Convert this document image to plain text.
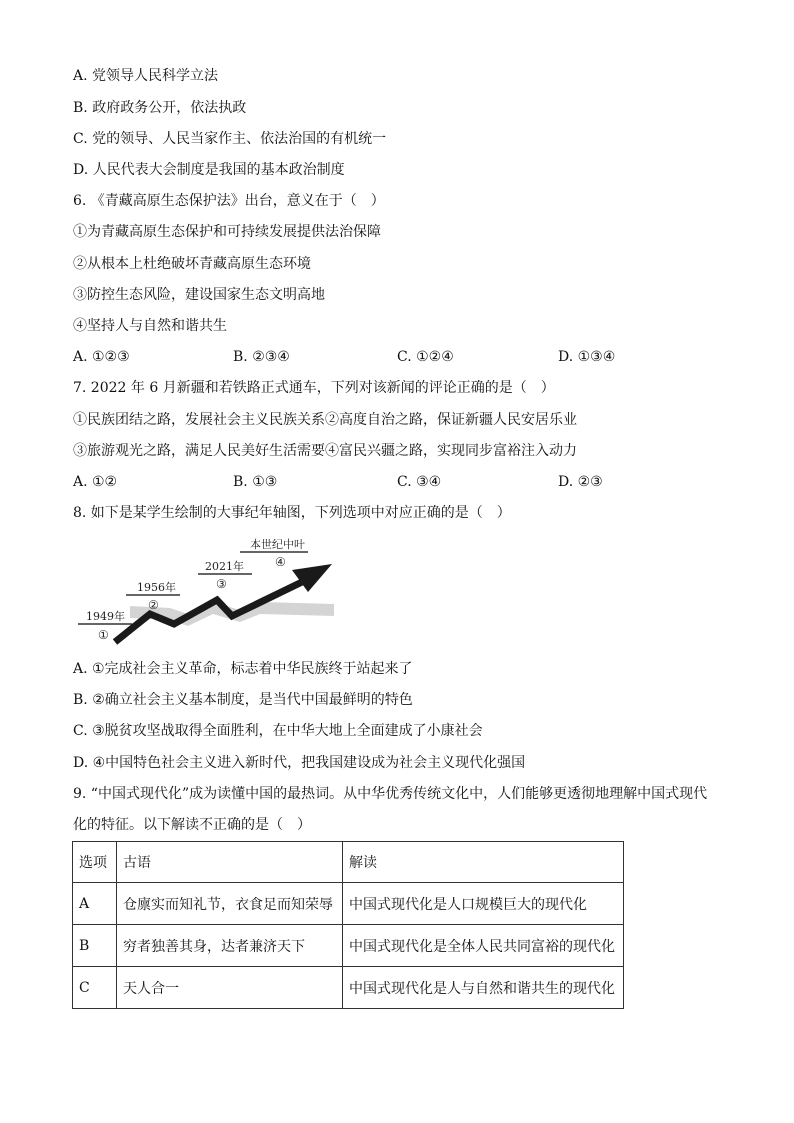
A. 党领导人民科学立法
B. 政府政务公开，依法执政
C. 党的领导、人民当家作主、依法治国的有机统一
D. 人民代表大会制度是我国的基本政治制度
6. 《青藏高原生态保护法》出台，意义在于（　）
①为青藏高原生态保护和可持续发展提供法治保障
②从根本上杜绝破坏青藏高原生态环境
③防控生态风险，建设国家生态文明高地
④坚持人与自然和谐共生
A. ①②③	B. ②③④	C. ①②④	D. ①③④
7. 2022 年 6 月新疆和若铁路正式通车，下列对该新闻的评论正确的是（　）
①民族团结之路，发展社会主义民族关系②高度自治之路，保证新疆人民安居乐业
③旅游观光之路，满足人民美好生活需要④富民兴疆之路，实现同步富裕注入动力
A. ①②	B. ①③	C. ③④	D. ②③
8. 如下是某学生绘制的大事纪年轴图，下列选项中对应正确的是（　）
1949年
①
1956年
②
2021年
③
本世纪中叶
④
A. ①完成社会主义革命，标志着中华民族终于站起来了
B. ②确立社会主义基本制度，是当代中国最鲜明的特色
C. ③脱贫攻坚战取得全面胜利，在中华大地上全面建成了小康社会
D. ④中国特色社会主义进入新时代，把我国建设成为社会主义现代化强国
9. “中国式现代化”成为读懂中国的最热词。从中华优秀传统文化中，人们能够更透彻地理解中国式现代
化的特征。以下解读不正确的是（　）
选项	古语	解读
A	仓廪实而知礼节，衣食足而知荣辱	中国式现代化是人口规模巨大的现代化
B	穷者独善其身，达者兼济天下	中国式现代化是全体人民共同富裕的现代化
C	天人合一	中国式现代化是人与自然和谐共生的现代化
